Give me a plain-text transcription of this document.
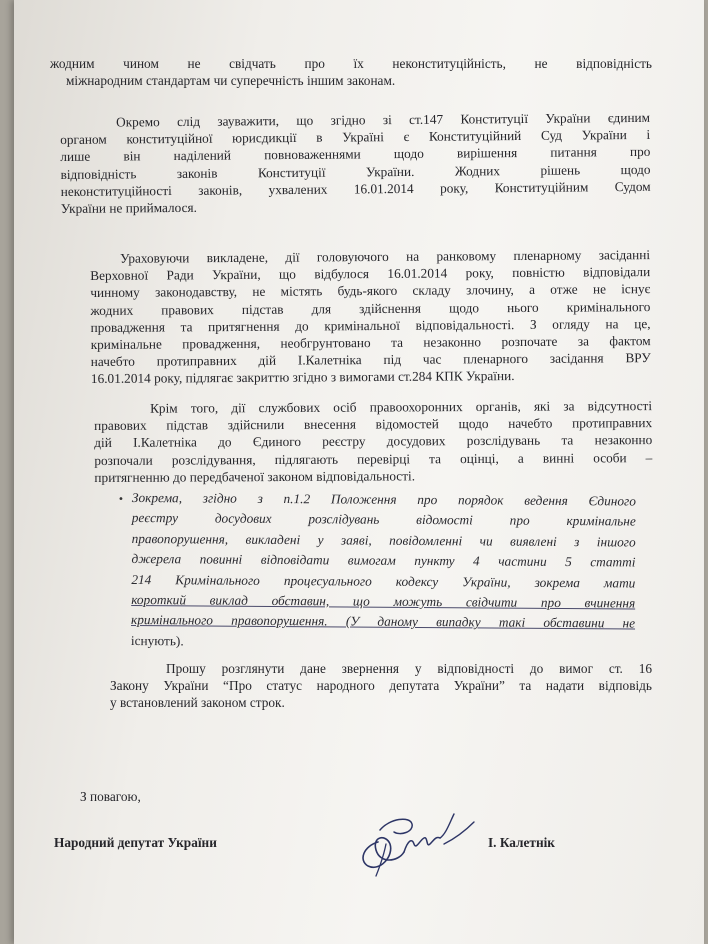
жодним чином не свідчать про їх неконституційність, не відповідність
міжнародним стандартам чи суперечність іншим законам.
Окремо слід зауважити, що згідно зі ст.147 Конституції України єдиним
органом конституційної юрисдикції в Україні є Конституційний Суд України і
лише він наділений повноваженнями щодо вирішення питання про
відповідність законів Конституції України. Жодних рішень щодо
неконституційності законів, ухвалених 16.01.2014 року, Конституційним Судом
України не приймалося.
Ураховуючи викладене, дії головуючого на ранковому пленарному засіданні
Верховної Ради України, що відбулося 16.01.2014 року, повністю відповідали
чинному законодавству, не містять будь-якого складу злочину, а отже не існує
жодних правових підстав для здійснення щодо нього кримінального
провадження та притягнення до кримінальної відповідальності. З огляду на це,
кримінальне провадження, необгрунтовано та незаконно розпочате за фактом
начебто протиправних дій І.Калетніка під час пленарного засідання ВРУ
16.01.2014 року, підлягає закриттю згідно з вимогами ст.284 КПК України.
Крім того, дії службових осіб правоохоронних органів, які за відсутності
правових підстав здійснили внесення відомостей щодо начебто протиправних
дій І.Калетніка до Єдиного реєстру досудових розслідувань та незаконно
розпочали розслідування, підлягають перевірці та оцінці, а винні особи –
притягненню до передбаченої законом відповідальності.
• Зокрема, згідно з п.1.2 Положення про порядок ведення Єдиного
реєстру досудових розслідувань відомості про кримінальне
правопорушення, викладені у заяві, повідомленні чи виявлені з іншого
джерела повинні відповідати вимогам пункту 4 частини 5 статті
214 Кримінального процесуального кодексу України, зокрема мати
короткий виклад обставин, що можуть свідчити про вчинення
кримінального правопорушення. (У даному випадку такі обставини не
існують).
Прошу розглянути дане звернення у відповідності до вимог ст. 16
Закону України “Про статус народного депутата України” та надати відповідь
у встановлений законом строк.
З повагою,
Народний депутат України	І. Калетнік
